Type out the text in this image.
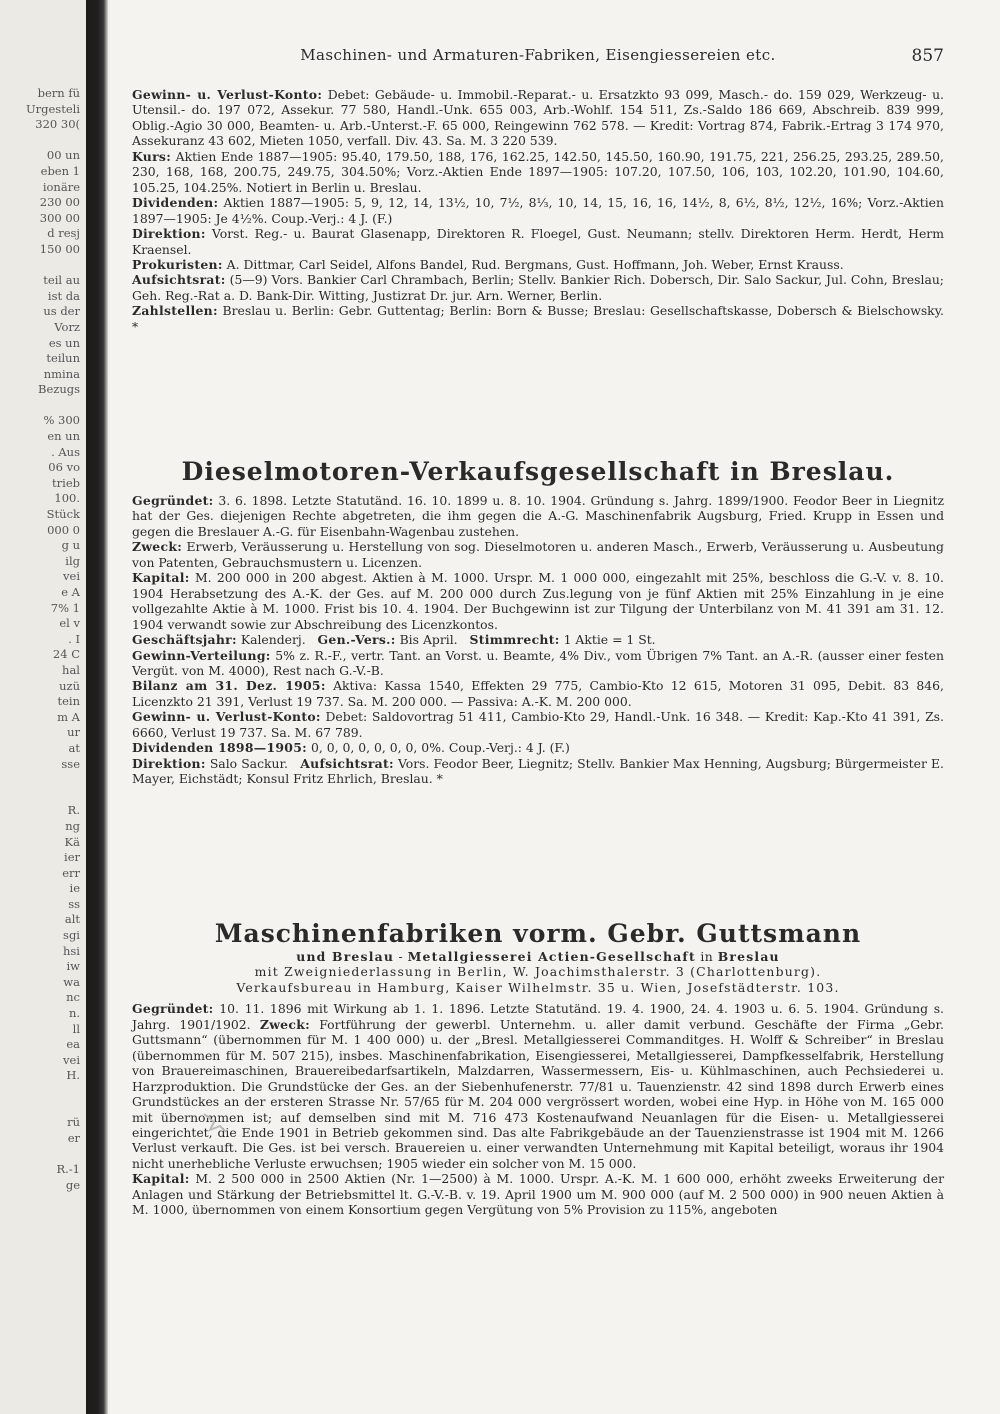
bern fü
Urgesteli
320 30(

00 un
eben 1
ionäre
230 00
300 00
d resj
150 00

teil au
ist da
us der
Vorz
es un
teilun
nmina
Bezugs

% 300
en un
. Aus
06 vo
trieb
100.
Stück
000 0
g u
ilg
vei
e A
7% 1
el v
. I
24 C
hal
uzü
tein
m A
ur
at
sse

R.
ng
Kä
ier
err
ie
ss
alt
sgi
hsi
iw
wa
nc
n.
ll
ea
vei
H.

rü
er

R.-1
ge
Maschinen- und Armaturen-Fabriken, Eisengiessereien etc.	857

Gewinn- u. Verlust-Konto: Debet: Gebäude- u. Immobil.-Reparat.- u. Ersatzkto 93 099, Masch.- do. 159 029, Werkzeug- u. Utensil.- do. 197 072, Assekur. 77 580, Handl.-Unk. 655 003, Arb.-Wohlf. 154 511, Zs.-Saldo 186 669, Abschreib. 839 999, Oblig.-Agio 30 000, Beamten- u. Arb.-Unterst.-F. 65 000, Reingewinn 762 578. — Kredit: Vortrag 874, Fabrik.-Ertrag 3 174 970, Assekuranz 43 602, Mieten 1050, verfall. Div. 43. Sa. M. 3 220 539.

Kurs: Aktien Ende 1887—1905: 95.40, 179.50, 188, 176, 162.25, 142.50, 145.50, 160.90, 191.75, 221, 256.25, 293.25, 289.50, 230, 168, 168, 200.75, 249.75, 304.50%; Vorz.-Aktien Ende 1897—1905: 107.20, 107.50, 106, 103, 102.20, 101.90, 104.60, 105.25, 104.25%. Notiert in Berlin u. Breslau.

Dividenden: Aktien 1887—1905: 5, 9, 12, 14, 13½, 10, 7½, 8⅓, 10, 14, 15, 16, 16, 14½, 8, 6½, 8½, 12½, 16%; Vorz.-Aktien 1897—1905: Je 4½%. Coup.-Verj.: 4 J. (F.)

Direktion: Vorst. Reg.- u. Baurat Glasenapp, Direktoren R. Floegel, Gust. Neumann; stellv. Direktoren Herm. Herdt, Herm Kraensel.

Prokuristen: A. Dittmar, Carl Seidel, Alfons Bandel, Rud. Bergmans, Gust. Hoffmann, Joh. Weber, Ernst Krauss.

Aufsichtsrat: (5—9) Vors. Bankier Carl Chrambach, Berlin; Stellv. Bankier Rich. Dobersch, Dir. Salo Sackur, Jul. Cohn, Breslau; Geh. Reg.-Rat a. D. Bank-Dir. Witting, Justizrat Dr. jur. Arn. Werner, Berlin.

Zahlstellen: Breslau u. Berlin: Gebr. Guttentag; Berlin: Born & Busse; Breslau: Gesellschaftskasse, Dobersch & Bielschowsky. *

Dieselmotoren-Verkaufsgesellschaft in Breslau.

Gegründet: 3. 6. 1898. Letzte Statutänd. 16. 10. 1899 u. 8. 10. 1904. Gründung s. Jahrg. 1899/1900. Feodor Beer in Liegnitz hat der Ges. diejenigen Rechte abgetreten, die ihm gegen die A.-G. Maschinenfabrik Augsburg, Fried. Krupp in Essen und gegen die Breslauer A.-G. für Eisenbahn-Wagenbau zustehen.

Zweck: Erwerb, Veräusserung u. Herstellung von sog. Dieselmotoren u. anderen Masch., Erwerb, Veräusserung u. Ausbeutung von Patenten, Gebrauchsmustern u. Licenzen.

Kapital: M. 200 000 in 200 abgest. Aktien à M. 1000. Urspr. M. 1 000 000, eingezahlt mit 25%, beschloss die G.-V. v. 8. 10. 1904 Herabsetzung des A.-K. der Ges. auf M. 200 000 durch Zus.legung von je fünf Aktien mit 25% Einzahlung in je eine vollgezahlte Aktie à M. 1000. Frist bis 10. 4. 1904. Der Buchgewinn ist zur Tilgung der Unterbilanz von M. 41 391 am 31. 12. 1904 verwandt sowie zur Abschreibung des Licenzkontos.

Geschäftsjahr: Kalenderj. Gen.-Vers.: Bis April. Stimmrecht: 1 Aktie = 1 St.

Gewinn-Verteilung: 5% z. R.-F., vertr. Tant. an Vorst. u. Beamte, 4% Div., vom Übrigen 7% Tant. an A.-R. (ausser einer festen Vergüt. von M. 4000), Rest nach G.-V.-B.

Bilanz am 31. Dez. 1905: Aktiva: Kassa 1540, Effekten 29 775, Cambio-Kto 12 615, Motoren 31 095, Debit. 83 846, Licenzkto 21 391, Verlust 19 737. Sa. M. 200 000. — Passiva: A.-K. M. 200 000.

Gewinn- u. Verlust-Konto: Debet: Saldovortrag 51 411, Cambio-Kto 29, Handl.-Unk. 16 348. — Kredit: Kap.-Kto 41 391, Zs. 6660, Verlust 19 737. Sa. M. 67 789.

Dividenden 1898—1905: 0, 0, 0, 0, 0, 0, 0, 0%. Coup.-Verj.: 4 J. (F.)

Direktion: Salo Sackur. Aufsichtsrat: Vors. Feodor Beer, Liegnitz; Stellv. Bankier Max Henning, Augsburg; Bürgermeister E. Mayer, Eichstädt; Konsul Fritz Ehrlich, Breslau. *

Maschinenfabriken vorm. Gebr. Guttsmann

und Breslau - Metallgiesserei Actien-Gesellschaft in Breslau

mit Zweigniederlassung in Berlin, W. Joachimsthalerstr. 3 (Charlottenburg).

Verkaufsbureau in Hamburg, Kaiser Wilhelmstr. 35 u. Wien, Josefstädterstr. 103.

Gegründet: 10. 11. 1896 mit Wirkung ab 1. 1. 1896. Letzte Statutänd. 19. 4. 1900, 24. 4. 1903 u. 6. 5. 1904. Gründung s. Jahrg. 1901/1902. Zweck: Fortführung der gewerbl. Unternehm. u. aller damit verbund. Geschäfte der Firma „Gebr. Guttsmann“ (übernommen für M. 1 400 000) u. der „Bresl. Metallgiesserei Commanditges. H. Wolff & Schreiber“ in Breslau (übernommen für M. 507 215), insbes. Maschinenfabrikation, Eisengiesserei, Metallgiesserei, Dampfkesselfabrik, Herstellung von Brauereimaschinen, Brauereibedarfsartikeln, Malzdarren, Wassermessern, Eis- u. Kühlmaschinen, auch Pechsiederei u. Harzproduktion. Die Grundstücke der Ges. an der Siebenhufenerstr. 77/81 u. Tauenzienstr. 42 sind 1898 durch Erwerb eines Grundstückes an der ersteren Strasse Nr. 57/65 für M. 204 000 vergrössert worden, wobei eine Hyp. in Höhe von M. 165 000 mit übernommen ist; auf demselben sind mit M. 716 473 Kostenaufwand Neuanlagen für die Eisen- u. Metallgiesserei eingerichtet, die Ende 1901 in Betrieb gekommen sind. Das alte Fabrikgebäude an der Tauenzienstrasse ist 1904 mit M. 1266 Verlust verkauft. Die Ges. ist bei versch. Brauereien u. einer verwandten Unternehmung mit Kapital beteiligt, woraus ihr 1904 nicht unerhebliche Verluste erwuchsen; 1905 wieder ein solcher von M. 15 000.

Kapital: M. 2 500 000 in 2500 Aktien (Nr. 1—2500) à M. 1000. Urspr. A.-K. M. 1 600 000, erhöht zweeks Erweiterung der Anlagen und Stärkung der Betriebsmittel lt. G.-V.-B. v. 19. April 1900 um M. 900 000 (auf M. 2 500 000) in 900 neuen Aktien à M. 1000, übernommen von einem Konsortium gegen Vergütung von 5% Provision zu 115%, angeboten
